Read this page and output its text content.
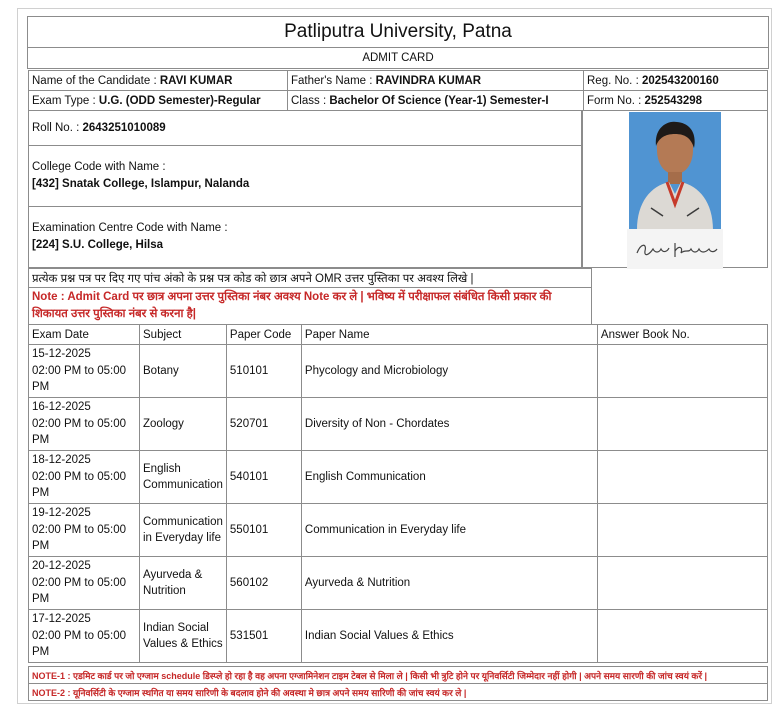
Patliputra University, Patna
ADMIT CARD
Name of the Candidate : RAVI KUMAR	Father's Name : RAVINDRA KUMAR	Reg. No. : 202543200160
Exam Type : U.G. (ODD Semester)-Regular	Class : Bachelor Of Science (Year-1) Semester-I	Form No. : 252543298
Roll No. : 2643251010089

College Code with Name :
[432] Snatak College, Islampur, Nalanda

Examination Centre Code with Name :
[224] S.U. College, Hilsa
प्रत्येक प्रश्न पत्र पर दिए गए पांच अंको के प्रश्न पत्र कोड को छात्र अपने OMR उत्तर पुस्तिका पर अवश्य लिखे |
Note : Admit Card पर छात्र अपना उत्तर पुस्तिका नंबर अवश्य Note कर ले | भविष्य में परीक्षाफल संबंधित किसी प्रकार की शिकायत उत्तर पुस्तिका नंबर से करना है|
Exam Date	Subject	Paper Code	Paper Name	Answer Book No.

15-12-2025
02:00 PM to 05:00 PM	Botany	510101	Phycology and Microbiology	

16-12-2025
02:00 PM to 05:00 PM	Zoology	520701	Diversity of Non - Chordates	

18-12-2025
02:00 PM to 05:00 PM	English Communication	540101	English Communication	

19-12-2025
02:00 PM to 05:00 PM	Communication in Everyday life	550101	Communication in Everyday life	

20-12-2025
02:00 PM to 05:00 PM	Ayurveda & Nutrition	560102	Ayurveda & Nutrition	

17-12-2025
02:00 PM to 05:00 PM	Indian Social Values & Ethics	531501	Indian Social Values & Ethics	
NOTE-1 : एडमिट कार्ड पर जो एग्जाम schedule डिस्प्ले हो रहा है वह अपना एग्जामिनेशन टाइम टेबल से मिला ले | किसी भी त्रुटि होने पर यूनिवर्सिटी जिम्मेदार नहीं होगी | अपने समय सारणी की जांच स्वयं करें |
NOTE-2 : यूनिवर्सिटी के एग्जाम स्थगित या समय सारिणी के बदलाव होने की अवस्था मे छात्र अपने समय सारिणी की जांच स्वयं कर ले |
